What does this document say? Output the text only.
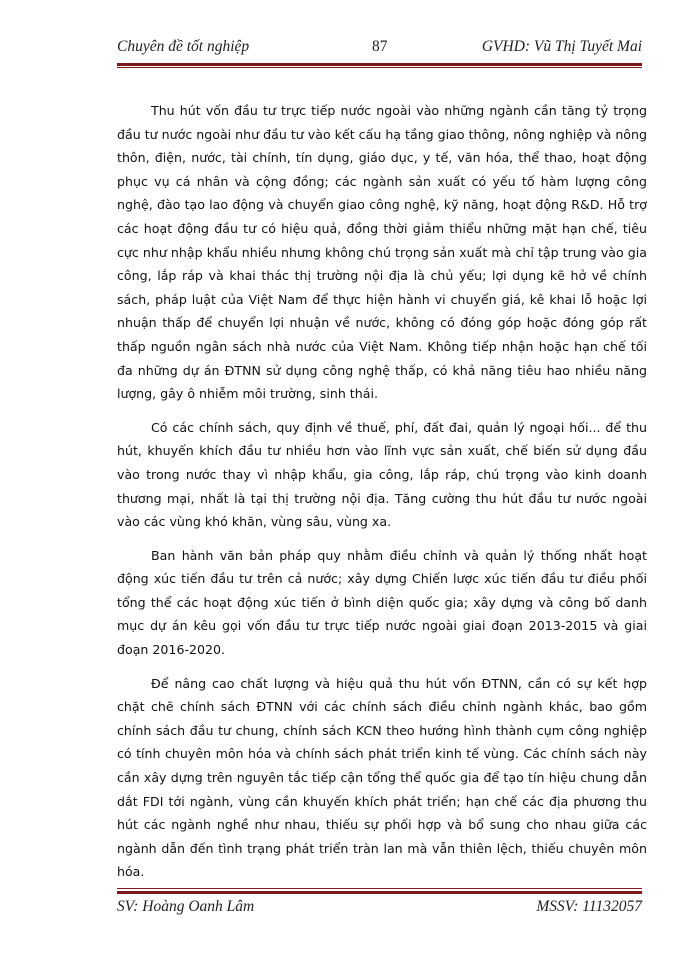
Chuyên đề tốt nghiệp	87	GVHD: Vũ Thị Tuyết Mai

Thu hút vốn đầu tư trực tiếp nước ngoài vào những ngành cần tăng tỷ trọng đầu tư nước ngoài như đầu tư vào kết cấu hạ tầng giao thông, nông nghiệp và nông thôn, điện, nước, tài chính, tín dụng, giáo dục, y tế, văn hóa, thể thao, hoạt động phục vụ cá nhân và cộng đồng; các ngành sản xuất có yếu tố hàm lượng công nghệ, đào tạo lao động và chuyển giao công nghệ, kỹ năng, hoạt động R&D. Hỗ trợ các hoạt động đầu tư có hiệu quả, đồng thời giảm thiểu những mặt hạn chế, tiêu cực như nhập khẩu nhiều nhưng không chú trọng sản xuất mà chỉ tập trung vào gia công, lắp ráp và khai thác thị trường nội địa là chủ yếu; lợi dụng kẽ hở về chính sách, pháp luật của Việt Nam để thực hiện hành vi chuyển giá, kê khai lỗ hoặc lợi nhuận thấp để chuyển lợi nhuận về nước, không có đóng góp hoặc đóng góp rất thấp nguồn ngân sách nhà nước của Việt Nam. Không tiếp nhận hoặc hạn chế tối đa những dự án ĐTNN sử dụng công nghệ thấp, có khả năng tiêu hao nhiều năng lượng, gây ô nhiễm môi trường, sinh thái.

Có các chính sách, quy định về thuế, phí, đất đai, quản lý ngoại hối... để thu hút, khuyến khích đầu tư nhiều hơn vào lĩnh vực sản xuất, chế biến sử dụng đầu vào trong nước thay vì nhập khẩu, gia công, lắp ráp, chú trọng vào kinh doanh thương mại, nhất là tại thị trường nội địa. Tăng cường thu hút đầu tư nước ngoài vào các vùng khó khăn, vùng sâu, vùng xa.

Ban hành văn bản pháp quy nhằm điều chỉnh và quản lý thống nhất hoạt động xúc tiến đầu tư trên cả nước; xây dựng Chiến lược xúc tiến đầu tư điều phối tổng thể các hoạt động xúc tiến ở bình diện quốc gia; xây dựng và công bố danh mục dự án kêu gọi vốn đầu tư trực tiếp nước ngoài giai đoạn 2013-2015 và giai đoạn 2016-2020.

Để nâng cao chất lượng và hiệu quả thu hút vốn ĐTNN, cần có sự kết hợp chặt chẽ chính sách ĐTNN với các chính sách điều chỉnh ngành khác, bao gồm chính sách đầu tư chung, chính sách KCN theo hướng hình thành cụm công nghiệp có tính chuyên môn hóa và chính sách phát triển kinh tế vùng. Các chính sách này cần xây dựng trên nguyên tắc tiếp cận tổng thể quốc gia để tạo tín hiệu chung dẫn dắt FDI tới ngành, vùng cần khuyến khích phát triển; hạn chế các địa phương thu hút các ngành nghề như nhau, thiếu sự phối hợp và bổ sung cho nhau giữa các ngành dẫn đến tình trạng phát triển tràn lan mà vẫn thiên lệch, thiếu chuyên môn hóa.

SV: Hoàng Oanh Lâm	MSSV: 11132057
